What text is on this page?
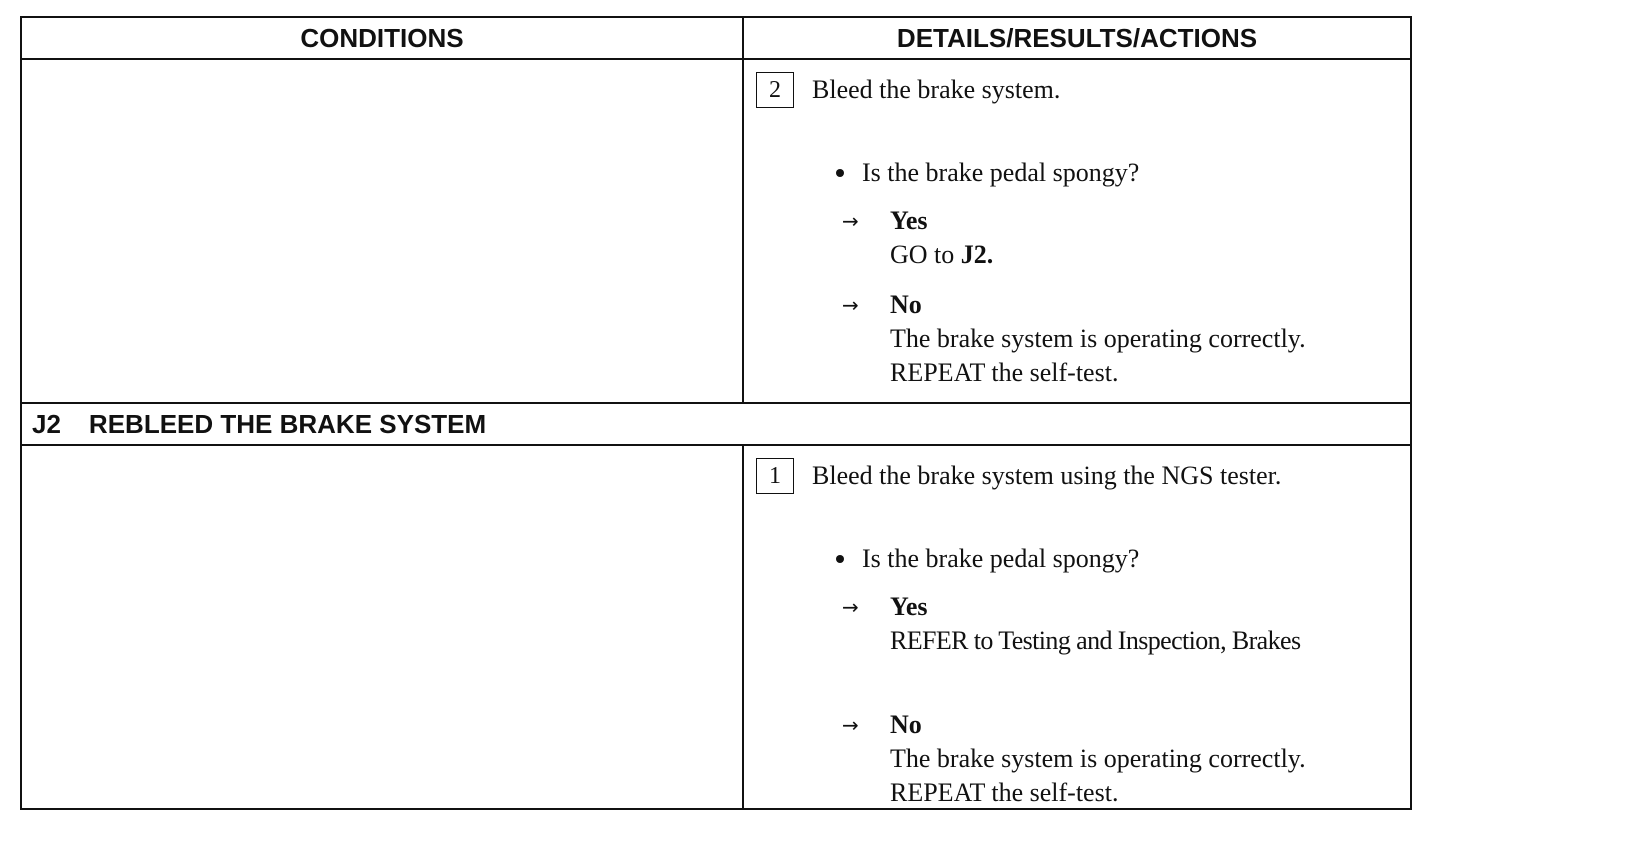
CONDITIONS	DETAILS/RESULTS/ACTIONS
2 Bleed the brake system.
Is the brake pedal spongy?
→ Yes
GO to J2.
→ No
The brake system is operating correctly.
REPEAT the self-test.
J2 REBLEED THE BRAKE SYSTEM
1 Bleed the brake system using the NGS tester.
Is the brake pedal spongy?
→ Yes
REFER to Testing and Inspection, Brakes
→ No
The brake system is operating correctly.
REPEAT the self-test.
